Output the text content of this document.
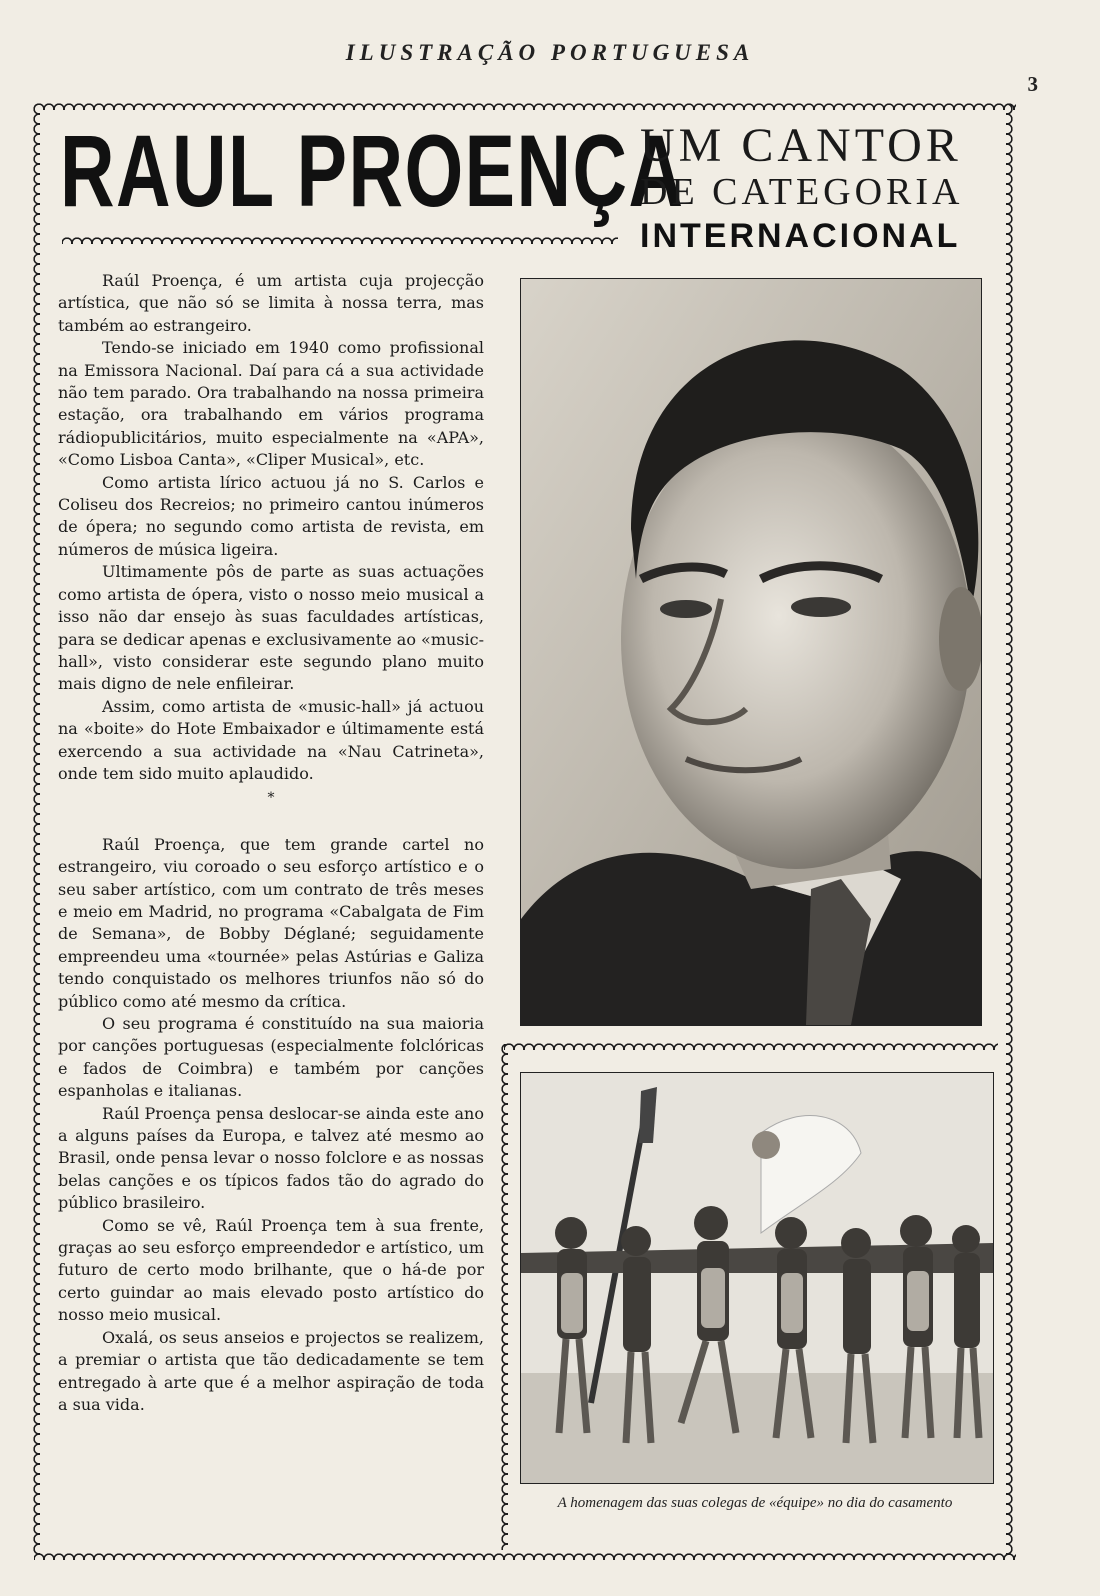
ILUSTRAÇÃO PORTUGUESA
3
RAUL PROENÇA
UM CANTOR
DE CATEGORIA
INTERNACIONAL

Raúl Proença, é um artista cuja projecção artística, que não só se limita à nossa terra, mas também ao estrangeiro.

Tendo-se iniciado em 1940 como profissional na Emissora Nacional. Daí para cá a sua actividade não tem parado. Ora trabalhando na nossa primeira estação, ora trabalhando em vários programa rádiopublicitários, muito especialmente na «APA», «Como Lisboa Canta», «Cliper Musical», etc.

Como artista lírico actuou já no S. Carlos e Coliseu dos Recreios; no primeiro cantou inúmeros de ópera; no segundo como artista de revista, em números de música ligeira.

Ultimamente pôs de parte as suas actuações como artista de ópera, visto o nosso meio musical a isso não dar ensejo às suas faculdades artísticas, para se dedicar apenas e exclusivamente ao «music-hall», visto considerar este segundo plano muito mais digno de nele enfileirar.

Assim, como artista de «music-hall» já actuou na «boite» do Hote Embaixador e últimamente está exercendo a sua actividade na «Nau Catrineta», onde tem sido muito aplaudido.

*

Raúl Proença, que tem grande cartel no estrangeiro, viu coroado o seu esforço artístico e o seu saber artístico, com um contrato de três meses e meio em Madrid, no programa «Cabalgata de Fim de Semana», de Bobby Déglané; seguidamente empreendeu uma «tournée» pelas Astúrias e Galiza tendo conquistado os melhores triunfos não só do público como até mesmo da crítica.

O seu programa é constituído na sua maioria por canções portuguesas (especialmente folclóricas e fados de Coimbra) e também por canções espanholas e italianas.

Raúl Proença pensa deslocar-se ainda este ano a alguns países da Europa, e talvez até mesmo ao Brasil, onde pensa levar o nosso folclore e as nossas belas canções e os típicos fados tão do agrado do público brasileiro.

Como se vê, Raúl Proença tem à sua frente, graças ao seu esforço empreendedor e artístico, um futuro de certo modo brilhante, que o há-de por certo guindar ao mais elevado posto artístico do nosso meio musical.

Oxalá, os seus anseios e projectos se realizem, a premiar o artista que tão dedicadamente se tem entregado à arte que é a melhor aspiração de toda a sua vida.

A homenagem das suas colegas de «équipe» no dia do casamento
